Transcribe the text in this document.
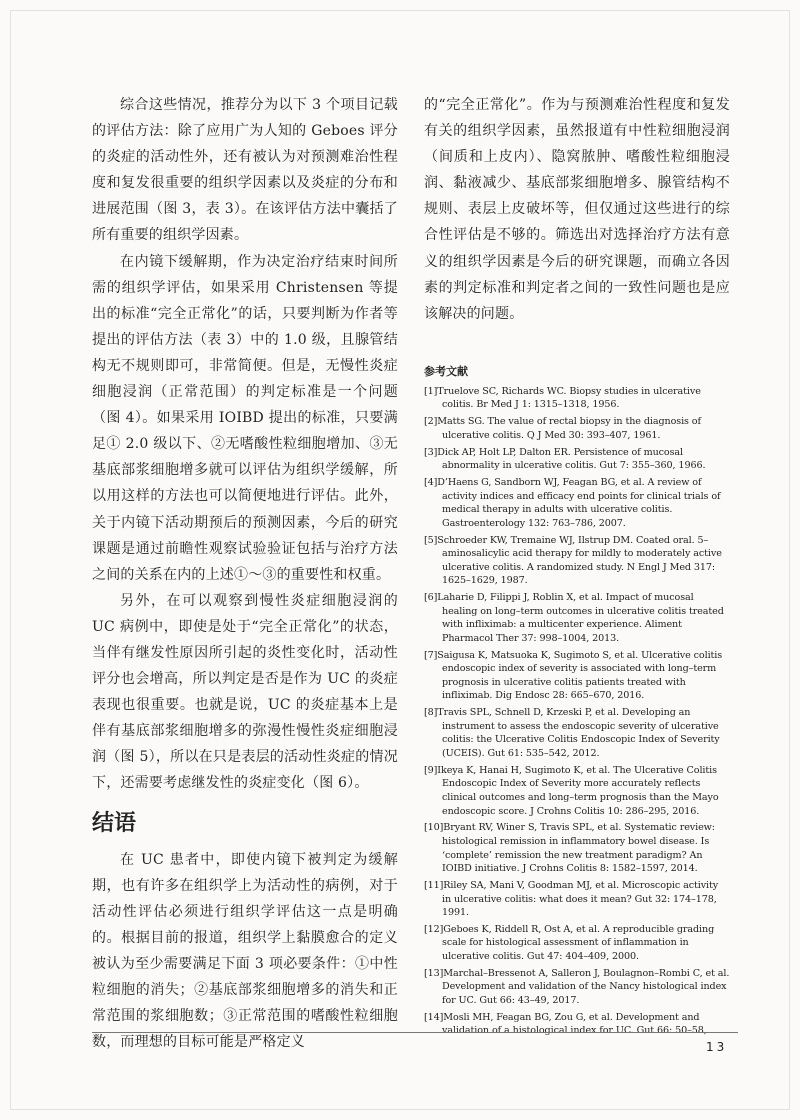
综合这些情况，推荐分为以下 3 个项目记载的评估方法：除了应用广为人知的 Geboes 评分的炎症的活动性外，还有被认为对预测难治性程度和复发很重要的组织学因素以及炎症的分布和进展范围（图 3，表 3）。在该评估方法中囊括了所有重要的组织学因素。

在内镜下缓解期，作为决定治疗结束时间所需的组织学评估，如果采用 Christensen 等提出的标准“完全正常化”的话，只要判断为作者等提出的评估方法（表 3）中的 1.0 级，且腺管结构无不规则即可，非常简便。但是，无慢性炎症细胞浸润（正常范围）的判定标准是一个问题（图 4）。如果采用 IOIBD 提出的标准，只要满足① 2.0 级以下、②无嗜酸性粒细胞增加、③无基底部浆细胞增多就可以评估为组织学缓解，所以用这样的方法也可以简便地进行评估。此外，关于内镜下活动期预后的预测因素，今后的研究课题是通过前瞻性观察试验验证包括与治疗方法之间的关系在内的上述①～③的重要性和权重。

另外，在可以观察到慢性炎症细胞浸润的 UC 病例中，即使是处于“完全正常化”的状态，当伴有继发性原因所引起的炎性变化时，活动性评分也会增高，所以判定是否是作为 UC 的炎症表现也很重要。也就是说，UC 的炎症基本上是伴有基底部浆细胞增多的弥漫性慢性炎症细胞浸润（图 5），所以在只是表层的活动性炎症的情况下，还需要考虑继发性的炎症变化（图 6）。

结语

在 UC 患者中，即使内镜下被判定为缓解期，也有许多在组织学上为活动性的病例，对于活动性评估必须进行组织学评估这一点是明确的。根据目前的报道，组织学上黏膜愈合的定义被认为至少需要满足下面 3 项必要条件：①中性粒细胞的消失；②基底部浆细胞增多的消失和正常范围的浆细胞数；③正常范围的嗜酸性粒细胞数，而理想的目标可能是严格定义

的“完全正常化”。作为与预测难治性程度和复发有关的组织学因素，虽然报道有中性粒细胞浸润（间质和上皮内）、隐窝脓肿、嗜酸性粒细胞浸润、黏液减少、基底部浆细胞增多、腺管结构不规则、表层上皮破坏等，但仅通过这些进行的综合性评估是不够的。筛选出对选择治疗方法有意义的组织学因素是今后的研究课题，而确立各因素的判定标准和判定者之间的一致性问题也是应该解决的问题。

参考文献
[1]Truelove SC, Richards WC. Biopsy studies in ulcerative colitis. Br Med J 1: 1315–1318, 1956.
[2]Matts SG. The value of rectal biopsy in the diagnosis of ulcerative colitis. Q J Med 30: 393–407, 1961.
[3]Dick AP, Holt LP, Dalton ER. Persistence of mucosal abnormality in ulcerative colitis. Gut 7: 355–360, 1966.
[4]D’Haens G, Sandborn WJ, Feagan BG, et al. A review of activity indices and efficacy end points for clinical trials of medical therapy in adults with ulcerative colitis. Gastroenterology 132: 763–786, 2007.
[5]Schroeder KW, Tremaine WJ, Ilstrup DM. Coated oral. 5–aminosalicylic acid therapy for mildly to moderately active ulcerative colitis. A randomized study. N Engl J Med 317: 1625–1629, 1987.
[6]Laharie D, Filippi J, Roblin X, et al. Impact of mucosal healing on long–term outcomes in ulcerative colitis treated with infliximab: a multicenter experience. Aliment Pharmacol Ther 37: 998–1004, 2013.
[7]Saigusa K, Matsuoka K, Sugimoto S, et al. Ulcerative colitis endoscopic index of severity is associated with long–term prognosis in ulcerative colitis patients treated with infliximab. Dig Endosc 28: 665–670, 2016.
[8]Travis SPL, Schnell D, Krzeski P, et al. Developing an instrument to assess the endoscopic severity of ulcerative colitis: the Ulcerative Colitis Endoscopic Index of Severity (UCEIS). Gut 61: 535–542, 2012.
[9]Ikeya K, Hanai H, Sugimoto K, et al. The Ulcerative Colitis Endoscopic Index of Severity more accurately reflects clinical outcomes and long–term prognosis than the Mayo endoscopic score. J Crohns Colitis 10: 286–295, 2016.
[10]Bryant RV, Winer S, Travis SPL, et al. Systematic review: histological remission in inflammatory bowel disease. Is ‘complete’ remission the new treatment paradigm? An IOIBD initiative. J Crohns Colitis 8: 1582–1597, 2014.
[11]Riley SA, Mani V, Goodman MJ, et al. Microscopic activity in ulcerative colitis: what does it mean? Gut 32: 174–178, 1991.
[12]Geboes K, Riddell R, Ost A, et al. A reproducible grading scale for histological assessment of inflammation in ulcerative colitis. Gut 47: 404–409, 2000.
[13]Marchal–Bressenot A, Salleron J, Boulagnon–Rombi C, et al. Development and validation of the Nancy histological index for UC. Gut 66: 43–49, 2017.
[14]Mosli MH, Feagan BG, Zou G, et al. Development and validation of a histological index for UC. Gut 66: 50–58,
13
